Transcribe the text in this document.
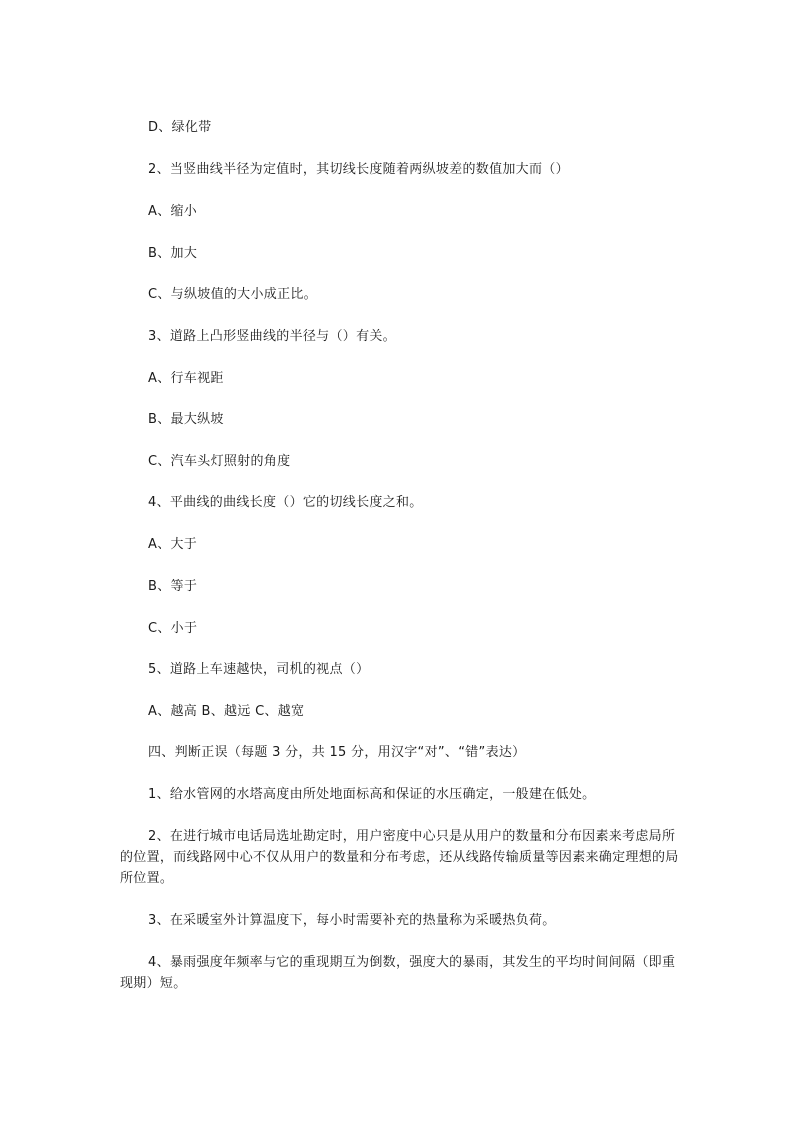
D、绿化带
2、当竖曲线半径为定值时，其切线长度随着两纵坡差的数值加大而（）
A、缩小
B、加大
C、与纵坡值的大小成正比。
3、道路上凸形竖曲线的半径与（）有关。
A、行车视距
B、最大纵坡
C、汽车头灯照射的角度
4、平曲线的曲线长度（）它的切线长度之和。
A、大于
B、等于
C、小于
5、道路上车速越快，司机的视点（）
A、越高 B、越远 C、越宽
四、判断正误（每题 3 分，共 15 分，用汉字“对”、“错”表达）
1、给水管网的水塔高度由所处地面标高和保证的水压确定，一般建在低处。
2、在进行城市电话局选址勘定时，用户密度中心只是从用户的数量和分布因素来考虑局所的位置，而线路网中心不仅从用户的数量和分布考虑，还从线路传输质量等因素来确定理想的局所位置。
3、在采暖室外计算温度下，每小时需要补充的热量称为采暖热负荷。
4、暴雨强度年频率与它的重现期互为倒数，强度大的暴雨，其发生的平均时间间隔（即重现期）短。
